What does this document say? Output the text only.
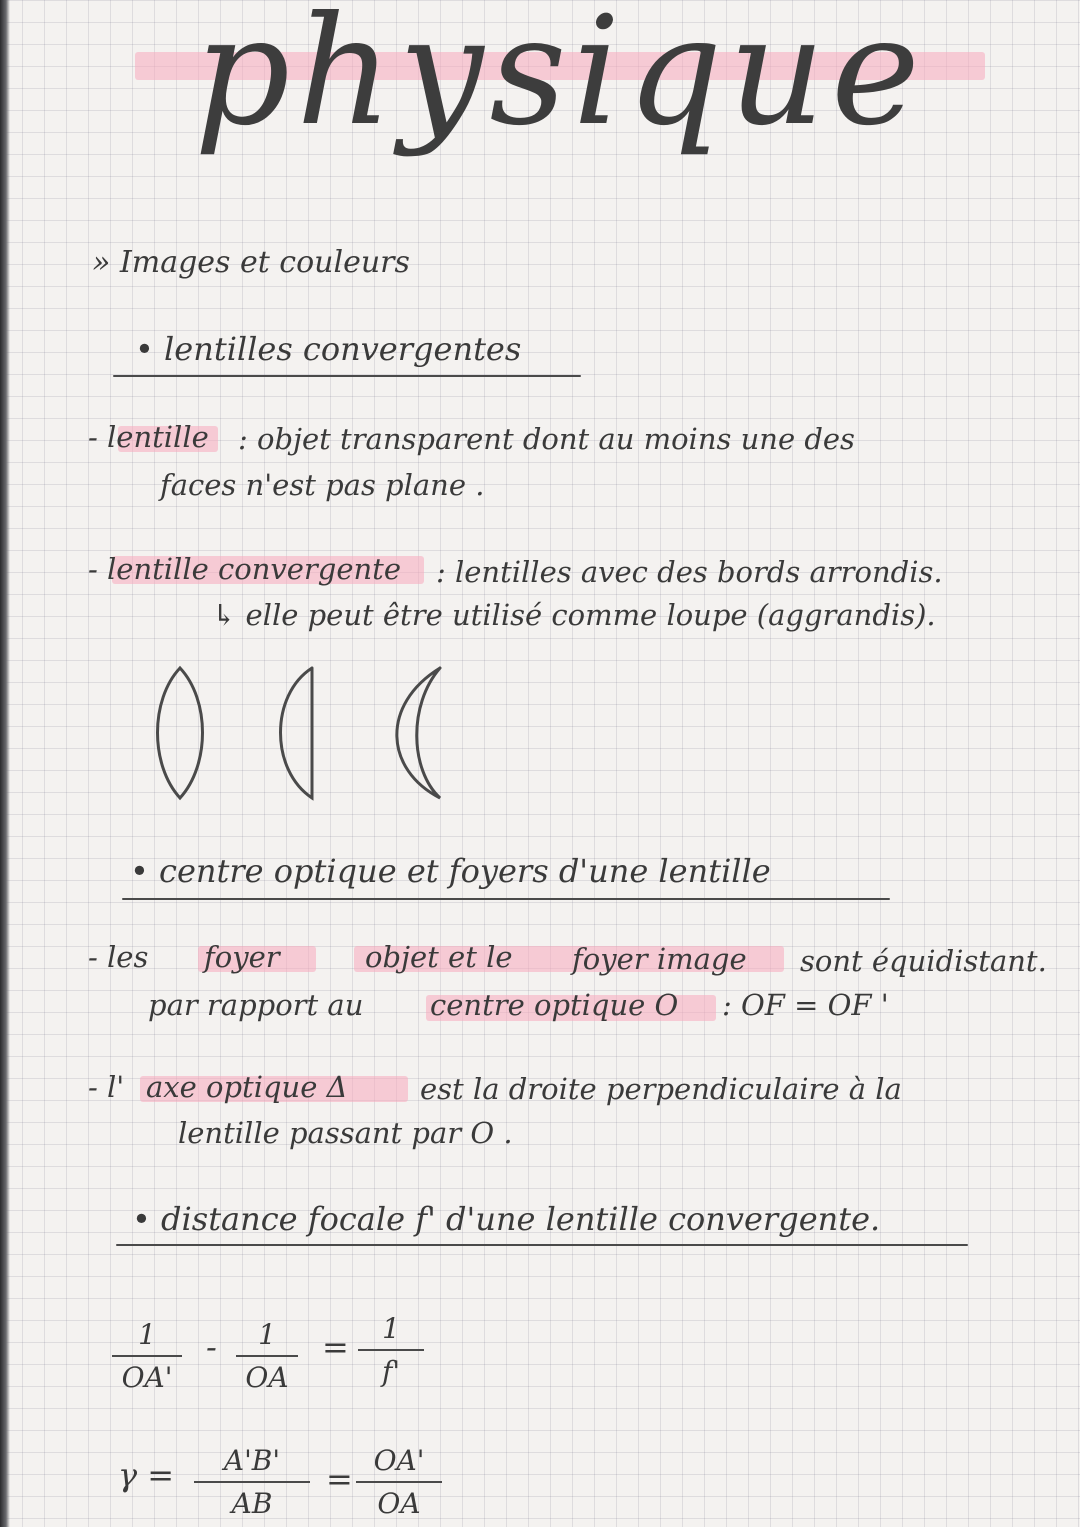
physique
» Images et couleurs
• lentilles convergentes
- lentille : objet transparent dont au moins une des
faces n'est pas plane .
- lentille convergente : lentilles avec des bords arrondis.
↳ elle peut être utilisé comme loupe (aggrandis).
• centre optique et foyers d'une lentille
- les foyer	objet et le foyer image sont équidistant.
par rapport au centre optique O : OF = OF '
- l' axe optique Δ est la droite perpendiculaire à la
lentille passant par O .
• distance focale f' d'une lentille convergente.
1
OA'
-	1
OA
=	1
f'
γ =	A'B'
AB
= OA'
OA
